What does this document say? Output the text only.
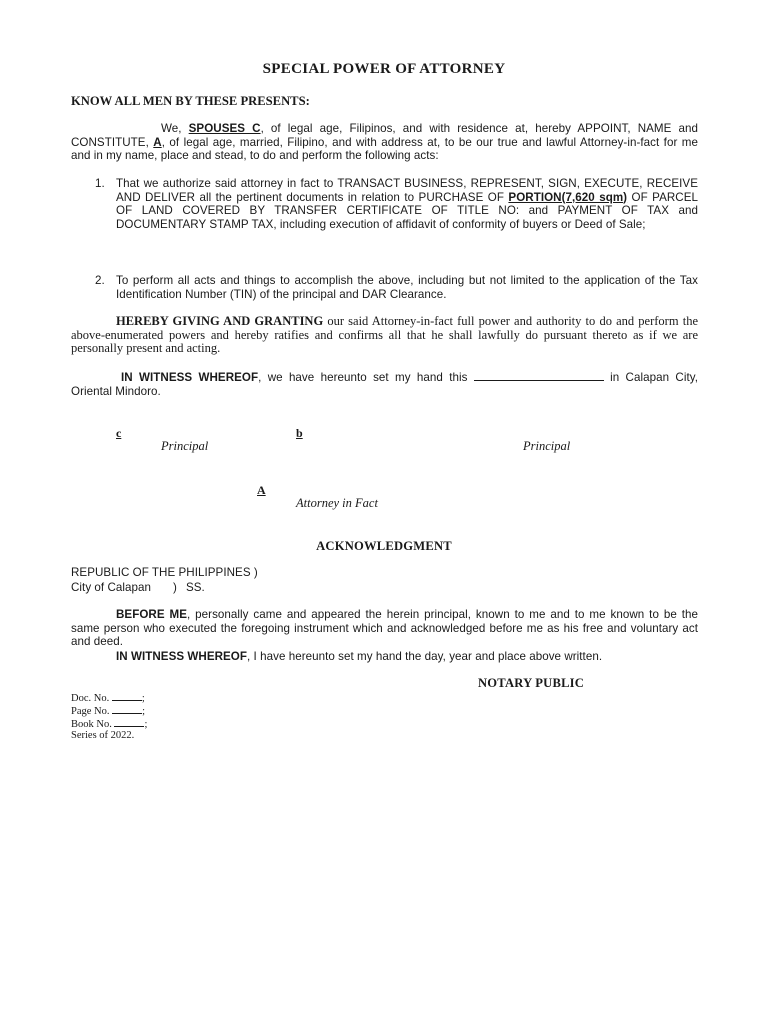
SPECIAL POWER OF ATTORNEY
KNOW ALL MEN BY THESE PRESENTS:
We, SPOUSES C, of legal age, Filipinos, and with residence at, hereby APPOINT, NAME and CONSTITUTE, A, of legal age, married, Filipino, and with address at, to be our true and lawful Attorney-in-fact for me and in my name, place and stead, to do and perform the following acts:
1. That we authorize said attorney in fact to TRANSACT BUSINESS, REPRESENT, SIGN, EXECUTE, RECEIVE AND DELIVER all the pertinent documents in relation to PURCHASE OF PORTION(7,620 sqm) OF PARCEL OF LAND COVERED BY TRANSFER CERTIFICATE OF TITLE NO: and PAYMENT OF TAX and DOCUMENTARY STAMP TAX, including execution of affidavit of conformity of buyers or Deed of Sale;
2. To perform all acts and things to accomplish the above, including but not limited to the application of the Tax Identification Number (TIN) of the principal and DAR Clearance.
HEREBY GIVING AND GRANTING our said Attorney-in-fact full power and authority to do and perform the above-enumerated powers and hereby ratifies and confirms all that he shall lawfully do pursuant thereto as if we are personally present and acting.
IN WITNESS WHEREOF, we have hereunto set my hand this	in Calapan City, Oriental Mindoro.
c
Principal
b
Principal
A
Attorney in Fact
ACKNOWLEDGMENT
REPUBLIC OF THE PHILIPPINES )
City of Calapan ) SS.
BEFORE ME, personally came and appeared the herein principal, known to me and to me known to be the same person who executed the foregoing instrument which and acknowledged before me as his free and voluntary act and deed.
IN WITNESS WHEREOF, I have hereunto set my hand the day, year and place above written.
NOTARY PUBLIC
Doc. No.	;
Page No.	;
Book No.	;
Series of 2022.
